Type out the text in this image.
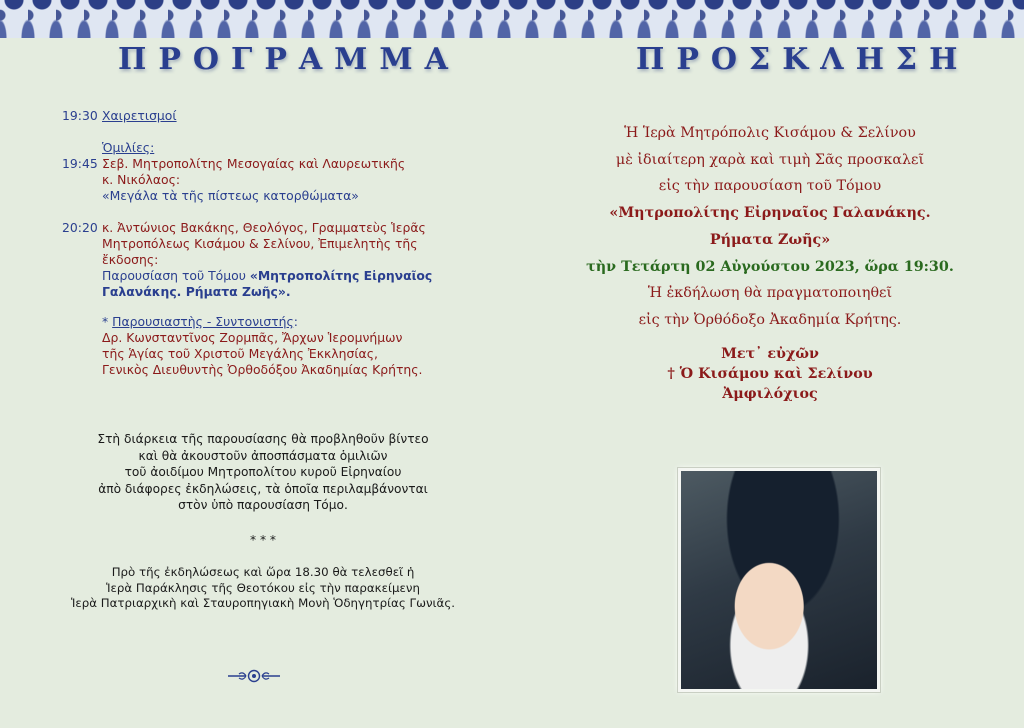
ΠΡΟΓΡΑΜΜΑ	ΠΡΟΣΚΛΗΣΗ
19:30 Χαιρετισμοί
Ὁμιλίες:
19:45 Σεβ. Μητροπολίτης Μεσογαίας καὶ Λαυρεωτικῆς
κ. Νικόλαος:
«Μεγάλα τὰ τῆς πίστεως κατορθώματα»
20:20 κ. Ἀντώνιος Βακάκης, Θεολόγος, Γραμματεὺς Ἱερᾶς
Μητροπόλεως Κισάμου & Σελίνου, Ἐπιμελητὴς τῆς
ἔκδοσης:
Παρουσίαση τοῦ Τόμου «Μητροπολίτης Εἰρηναῖος
Γαλανάκης. Ρήματα Ζωῆς».
* Παρουσιαστὴς - Συντονιστής:
Δρ. Κωνσταντῖνος Ζορμπᾶς, Ἄρχων Ἱερομνήμων
τῆς Ἁγίας τοῦ Χριστοῦ Μεγάλης Ἐκκλησίας,
Γενικὸς Διευθυντὴς Ὀρθοδόξου Ἀκαδημίας Κρήτης.
Στὴ διάρκεια τῆς παρουσίασης θὰ προβληθοῦν βίντεο
καὶ θὰ ἀκουστοῦν ἀποσπάσματα ὁμιλιῶν
τοῦ ἀοιδίμου Μητροπολίτου κυροῦ Εἰρηναίου
ἀπὸ διάφορες ἐκδηλώσεις, τὰ ὁποῖα περιλαμβάνονται
στὸν ὑπὸ παρουσίαση Τόμο.
* * *
Πρὸ τῆς ἐκδηλώσεως καὶ ὥρα 18.30 θὰ τελεσθεῖ ἡ
Ἱερὰ Παράκλησις τῆς Θεοτόκου εἰς τὴν παρακείμενη
Ἱερὰ Πατριαρχικὴ καὶ Σταυροπηγιακὴ Μονὴ Ὁδηγητρίας Γωνιᾶς.
Ἡ Ἱερὰ Μητρόπολις Κισάμου & Σελίνου
μὲ ἰδιαίτερη χαρὰ καὶ τιμὴ Σᾶς προσκαλεῖ
εἰς τὴν παρουσίαση τοῦ Τόμου
«Μητροπολίτης Εἰρηναῖος Γαλανάκης.
Ρήματα Ζωῆς»
τὴν Τετάρτη 02 Αὐγούστου 2023, ὥρα 19:30.
Ἡ ἐκδήλωση θὰ πραγματοποιηθεῖ
εἰς τὴν Ὀρθόδοξο Ἀκαδημία Κρήτης.
Μετ᾽ εὐχῶν
† Ὁ Κισάμου καὶ Σελίνου
Ἀμφιλόχιος
